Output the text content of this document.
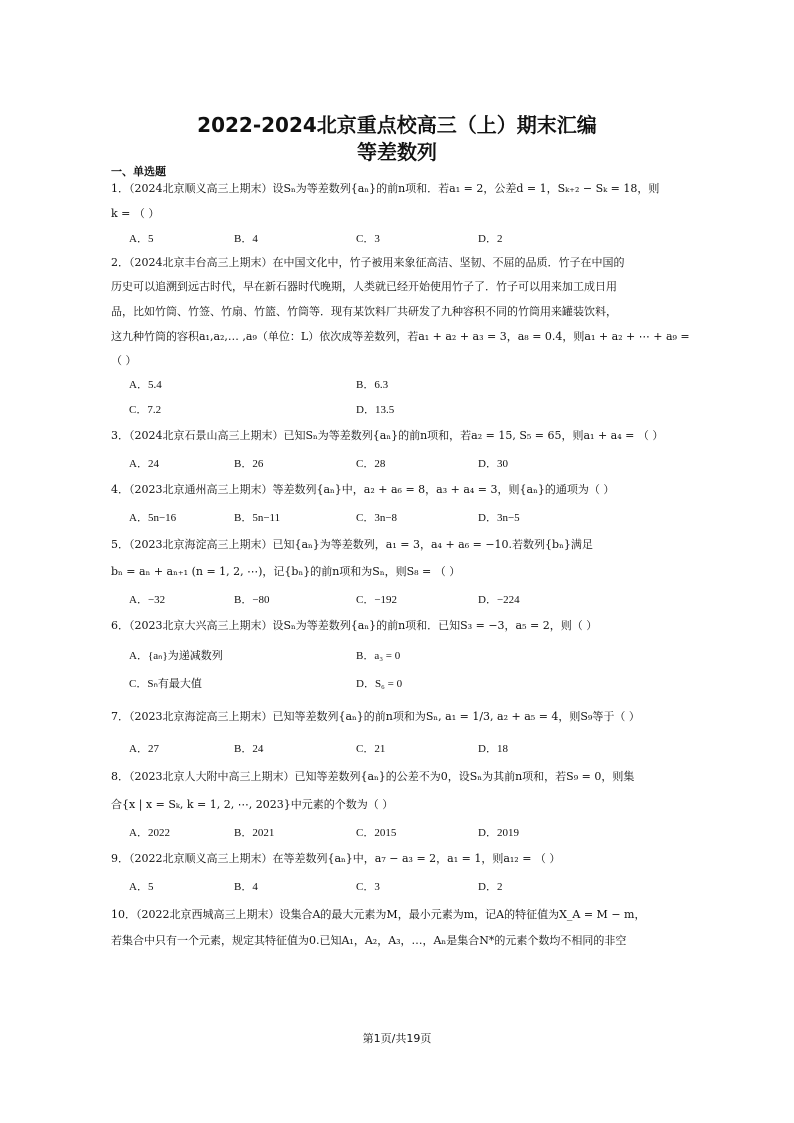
2022-2024北京重点校高三（上）期末汇编
等差数列
一、单选题
1．（2024北京顺义高三上期末）设Sₙ为等差数列{aₙ}的前n项和．若a₁ = 2，公差d = 1，Sₖ₊₂ − Sₖ = 18，则
k = （ ）
A．5	B．4	C．3	D．2
2．（2024北京丰台高三上期末）在中国文化中，竹子被用来象征高洁、坚韧、不屈的品质．竹子在中国的
历史可以追溯到远古时代，早在新石器时代晚期，人类就已经开始使用竹子了．竹子可以用来加工成日用
品，比如竹筒、竹签、竹扇、竹篮、竹筒等．现有某饮料厂共研发了九种容积不同的竹筒用来罐装饮料，
这九种竹筒的容积a₁,a₂,… ,a₉（单位：L）依次成等差数列，若a₁ + a₂ + a₃ = 3，a₈ = 0.4，则a₁ + a₂ + ⋯ + a₉ =
（ ）
A．5.4	B．6.3
C．7.2	D．13.5
3．（2024北京石景山高三上期末）已知Sₙ为等差数列{aₙ}的前n项和，若a₂ = 15, S₅ = 65，则a₁ + a₄ = （ ）
A．24	B．26	C．28	D．30
4．（2023北京通州高三上期末）等差数列{aₙ}中，a₂ + a₆ = 8，a₃ + a₄ = 3，则{aₙ}的通项为（ ）
A．5n−16	B．5n−11	C．3n−8	D．3n−5
5．（2023北京海淀高三上期末）已知{aₙ}为等差数列，a₁ = 3，a₄ + a₆ = −10.若数列{bₙ}满足
bₙ = aₙ + aₙ₊₁ (n = 1, 2, ⋯)，记{bₙ}的前n项和为Sₙ，则S₈ = （ ）
A．−32	B．−80	C．−192	D．−224
6．（2023北京大兴高三上期末）设Sₙ为等差数列{aₙ}的前n项和．已知S₃ = −3，a₅ = 2，则（ ）
A．{aₙ}为递减数列	B．a₃ = 0
C．Sₙ有最大值	D．S₆ = 0
7．（2023北京海淀高三上期末）已知等差数列{aₙ}的前n项和为Sₙ, a₁ = 1/3, a₂ + a₅ = 4，则S₉等于（ ）
A．27	B．24	C．21	D．18
8．（2023北京人大附中高三上期末）已知等差数列{aₙ}的公差不为0，设Sₙ为其前n项和，若S₉ = 0，则集
合{x | x = Sₖ, k = 1, 2, ⋯, 2023}中元素的个数为（ ）
A．2022	B．2021	C．2015	D．2019
9．（2022北京顺义高三上期末）在等差数列{aₙ}中，a₇ − a₃ = 2，a₁ = 1，则a₁₂ = （ ）
A．5	B．4	C．3	D．2
10．（2022北京西城高三上期末）设集合A的最大元素为M，最小元素为m，记A的特征值为X_A = M − m，
若集合中只有一个元素，规定其特征值为0.已知A₁，A₂，A₃，…，Aₙ是集合N*的元素个数均不相同的非空
第1页/共19页
